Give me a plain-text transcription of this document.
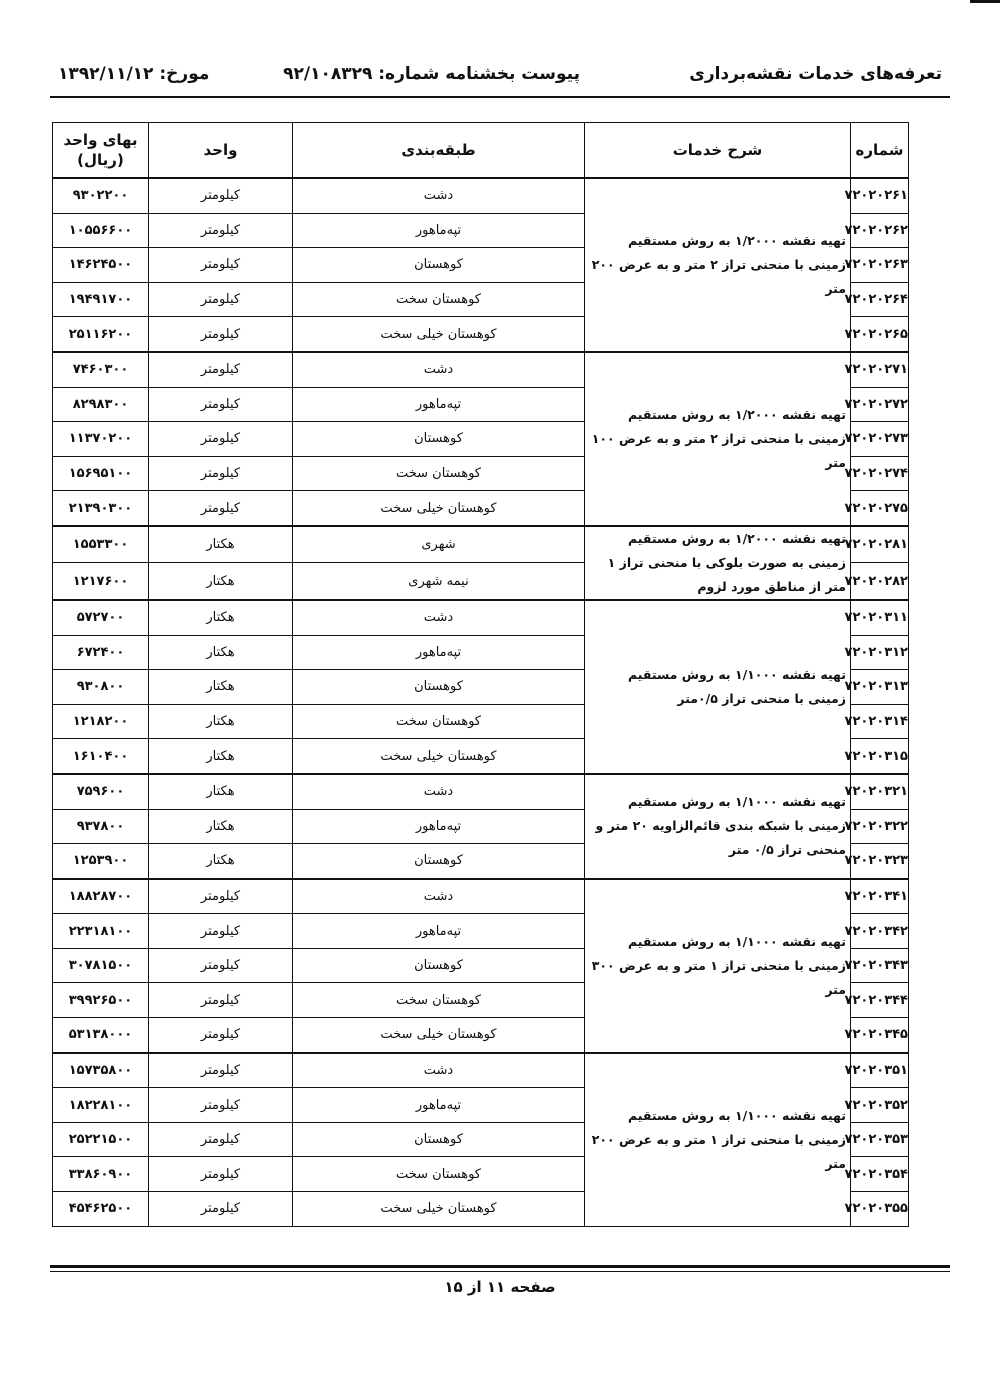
تعرفه‌های خدمات نقشه‌برداری
پیوست بخشنامه شماره: ۹۲/۱۰۸۳۲۹
مورخ: ۱۳۹۲/۱۱/۱۲
شماره	شرح خدمات	طبقه‌بندی	واحد	بهای واحد (ریال)
۷۲۰۲۰۲۶۱	تهیه نقشه ۱/۲۰۰۰ به روش مستقیم زمینی با منحنی تراز ۲ متر و به عرض ۲۰۰ متر	دشت	کیلومتر	۹۳۰۲۲۰۰
۷۲۰۲۰۲۶۲		تپه‌ماهور	کیلومتر	۱۰۵۵۶۶۰۰
۷۲۰۲۰۲۶۳		کوهستان	کیلومتر	۱۴۶۲۴۵۰۰
۷۲۰۲۰۲۶۴		کوهستان سخت	کیلومتر	۱۹۴۹۱۷۰۰
۷۲۰۲۰۲۶۵		کوهستان خیلی سخت	کیلومتر	۲۵۱۱۶۲۰۰
۷۲۰۲۰۲۷۱	تهیه نقشه ۱/۲۰۰۰ به روش مستقیم زمینی با منحنی تراز ۲ متر و به عرض ۱۰۰ متر	دشت	کیلومتر	۷۴۶۰۳۰۰
۷۲۰۲۰۲۷۲		تپه‌ماهور	کیلومتر	۸۲۹۸۳۰۰
۷۲۰۲۰۲۷۳		کوهستان	کیلومتر	۱۱۳۷۰۲۰۰
۷۲۰۲۰۲۷۴		کوهستان سخت	کیلومتر	۱۵۶۹۵۱۰۰
۷۲۰۲۰۲۷۵		کوهستان خیلی سخت	کیلومتر	۲۱۳۹۰۳۰۰
۷۲۰۲۰۲۸۱	تهیه نقشه ۱/۲۰۰۰ به روش مستقیم زمینی به صورت بلوکی با منحنی تراز ۱ متر از مناطق مورد لزوم	شهری	هکتار	۱۵۵۳۳۰۰
۷۲۰۲۰۲۸۲		نیمه شهری	هکتار	۱۲۱۷۶۰۰
۷۲۰۲۰۳۱۱	تهیه نقشه ۱/۱۰۰۰ به روش مستقیم زمینی با منحنی تراز ۰/۵متر	دشت	هکتار	۵۷۲۷۰۰
۷۲۰۲۰۳۱۲		تپه‌ماهور	هکتار	۶۷۲۴۰۰
۷۲۰۲۰۳۱۳		کوهستان	هکتار	۹۳۰۸۰۰
۷۲۰۲۰۳۱۴		کوهستان سخت	هکتار	۱۲۱۸۲۰۰
۷۲۰۲۰۳۱۵		کوهستان خیلی سخت	هکتار	۱۶۱۰۴۰۰
۷۲۰۲۰۳۲۱	تهیه نقشه ۱/۱۰۰۰ به روش مستقیم زمینی با شبکه بندی قائم‌الزاویه ۲۰ متر و منحنی تراز ۰/۵ متر	دشت	هکتار	۷۵۹۶۰۰
۷۲۰۲۰۳۲۲		تپه‌ماهور	هکتار	۹۳۷۸۰۰
۷۲۰۲۰۳۲۳		کوهستان	هکتار	۱۲۵۳۹۰۰
۷۲۰۲۰۳۴۱	تهیه نقشه ۱/۱۰۰۰ به روش مستقیم زمینی با منحنی تراز ۱ متر و به عرض ۳۰۰ متر	دشت	کیلومتر	۱۸۸۲۸۷۰۰
۷۲۰۲۰۳۴۲		تپه‌ماهور	کیلومتر	۲۲۳۱۸۱۰۰
۷۲۰۲۰۳۴۳		کوهستان	کیلومتر	۳۰۷۸۱۵۰۰
۷۲۰۲۰۳۴۴		کوهستان سخت	کیلومتر	۳۹۹۲۶۵۰۰
۷۲۰۲۰۳۴۵		کوهستان خیلی سخت	کیلومتر	۵۳۱۳۸۰۰۰
۷۲۰۲۰۳۵۱	تهیه نقشه ۱/۱۰۰۰ به روش مستقیم زمینی با منحنی تراز ۱ متر و به عرض ۲۰۰ متر	دشت	کیلومتر	۱۵۷۳۵۸۰۰
۷۲۰۲۰۳۵۲		تپه‌ماهور	کیلومتر	۱۸۲۲۸۱۰۰
۷۲۰۲۰۳۵۳		کوهستان	کیلومتر	۲۵۲۲۱۵۰۰
۷۲۰۲۰۳۵۴		کوهستان سخت	کیلومتر	۳۳۸۶۰۹۰۰
۷۲۰۲۰۳۵۵		کوهستان خیلی سخت	کیلومتر	۴۵۴۶۲۵۰۰
صفحه ۱۱ از ۱۵
